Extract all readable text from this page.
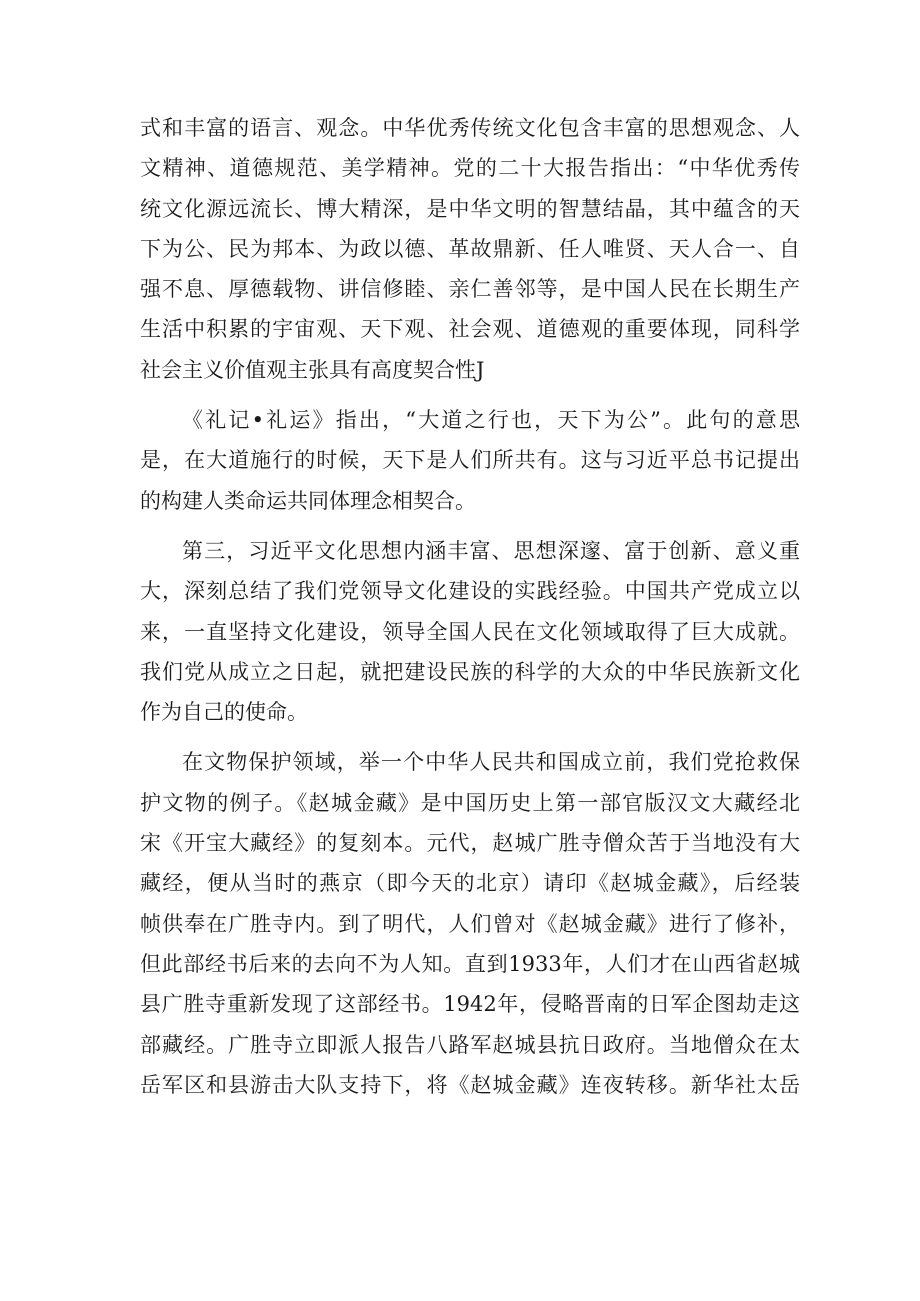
式和丰富的语言、观念。中华优秀传统文化包含丰富的思想观念、人
文精神、道德规范、美学精神。党的二十大报告指出：“中华优秀传
统文化源远流长、博大精深，是中华文明的智慧结晶，其中蕴含的天
下为公、民为邦本、为政以德、革故鼎新、任人唯贤、天人合一、自
强不息、厚德载物、讲信修睦、亲仁善邻等，是中国人民在长期生产
生活中积累的宇宙观、天下观、社会观、道德观的重要体现，同科学
社会主义价值观主张具有高度契合性J
《礼记•礼运》指出，“大道之行也，天下为公”。此句的意思
是，在大道施行的时候，天下是人们所共有。这与习近平总书记提出
的构建人类命运共同体理念相契合。
第三，习近平文化思想内涵丰富、思想深邃、富于创新、意义重
大，深刻总结了我们党领导文化建设的实践经验。中国共产党成立以
来，一直坚持文化建设，领导全国人民在文化领域取得了巨大成就。
我们党从成立之日起，就把建设民族的科学的大众的中华民族新文化
作为自己的使命。
在文物保护领域，举一个中华人民共和国成立前，我们党抢救保
护文物的例子。《赵城金藏》是中国历史上第一部官版汉文大藏经北
宋《开宝大藏经》的复刻本。元代，赵城广胜寺僧众苦于当地没有大
藏经，便从当时的燕京（即今天的北京）请印《赵城金藏》，后经装
帧供奉在广胜寺内。到了明代，人们曾对《赵城金藏》进行了修补，
但此部经书后来的去向不为人知。直到1933年，人们才在山西省赵城
县广胜寺重新发现了这部经书。1942年，侵略晋南的日军企图劫走这
部藏经。广胜寺立即派人报告八路军赵城县抗日政府。当地僧众在太
岳军区和县游击大队支持下，将《赵城金藏》连夜转移。新华社太岳
